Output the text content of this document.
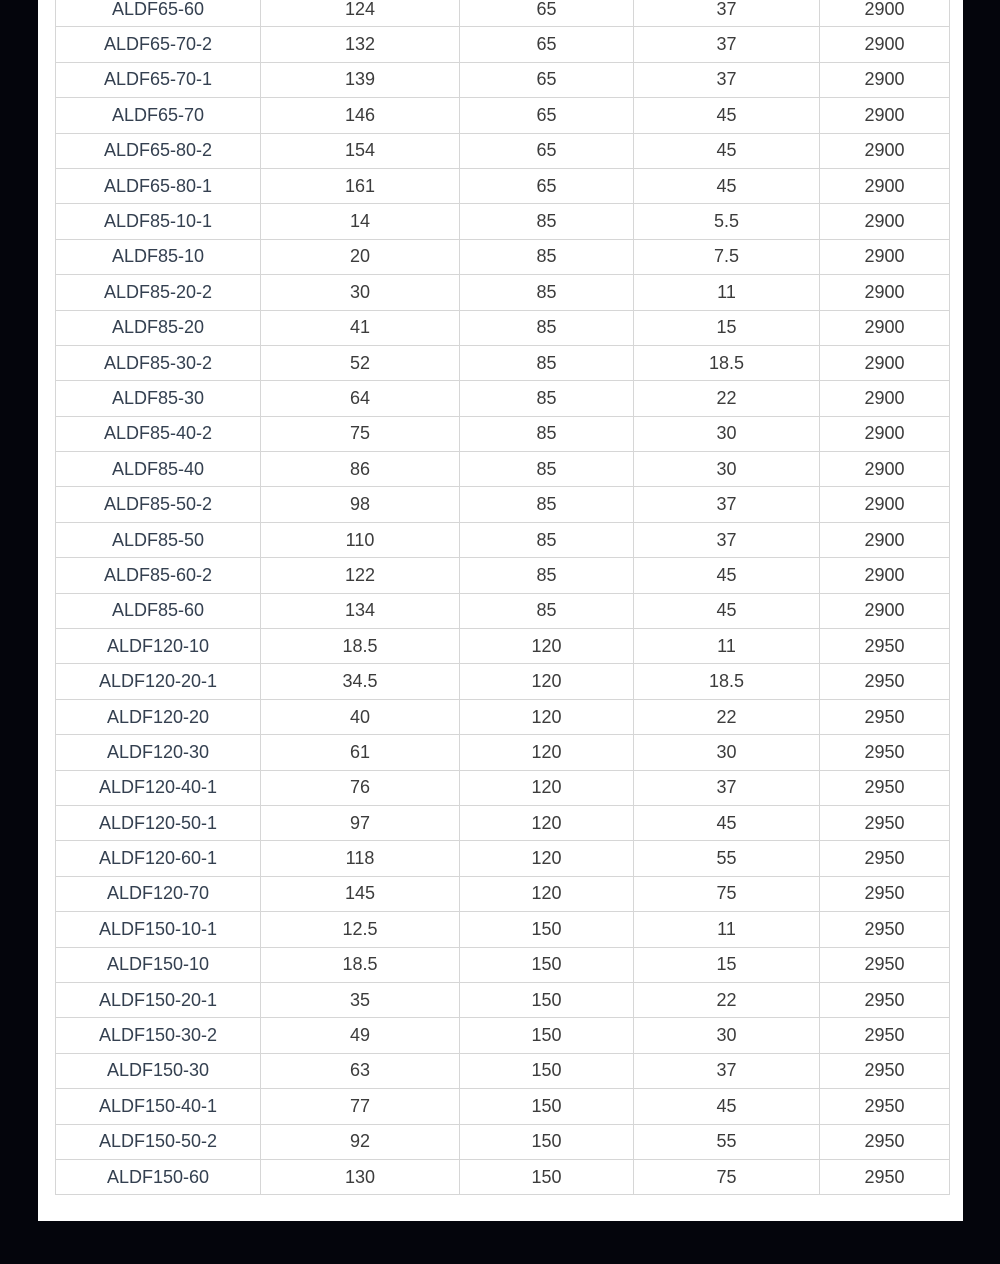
ALDF65-60	124	65	37	2900
ALDF65-70-2	132	65	37	2900
ALDF65-70-1	139	65	37	2900
ALDF65-70	146	65	45	2900
ALDF65-80-2	154	65	45	2900
ALDF65-80-1	161	65	45	2900
ALDF85-10-1	14	85	5.5	2900
ALDF85-10	20	85	7.5	2900
ALDF85-20-2	30	85	11	2900
ALDF85-20	41	85	15	2900
ALDF85-30-2	52	85	18.5	2900
ALDF85-30	64	85	22	2900
ALDF85-40-2	75	85	30	2900
ALDF85-40	86	85	30	2900
ALDF85-50-2	98	85	37	2900
ALDF85-50	110	85	37	2900
ALDF85-60-2	122	85	45	2900
ALDF85-60	134	85	45	2900
ALDF120-10	18.5	120	11	2950
ALDF120-20-1	34.5	120	18.5	2950
ALDF120-20	40	120	22	2950
ALDF120-30	61	120	30	2950
ALDF120-40-1	76	120	37	2950
ALDF120-50-1	97	120	45	2950
ALDF120-60-1	118	120	55	2950
ALDF120-70	145	120	75	2950
ALDF150-10-1	12.5	150	11	2950
ALDF150-10	18.5	150	15	2950
ALDF150-20-1	35	150	22	2950
ALDF150-30-2	49	150	30	2950
ALDF150-30	63	150	37	2950
ALDF150-40-1	77	150	45	2950
ALDF150-50-2	92	150	55	2950
ALDF150-60	130	150	75	2950
